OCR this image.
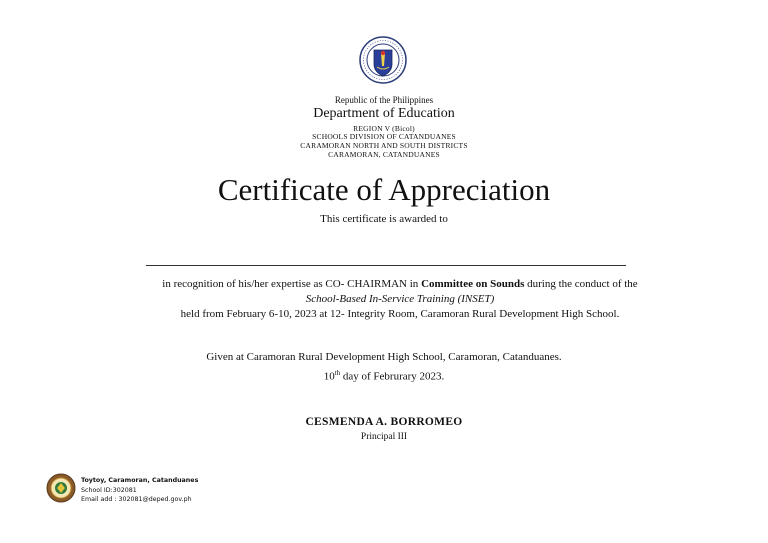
Republic of the Philippines
Department of Education
REGION V (Bicol)
SCHOOLS DIVISION OF CATANDUANES
CARAMORAN NORTH AND SOUTH DISTRICTS
CARAMORAN, CATANDUANES
Certificate of Appreciation
This certificate is awarded to
in recognition of his/her expertise as CO- CHAIRMAN in Committee on Sounds during the conduct of the School-Based In-Service Training (INSET)
held from February 6-10, 2023 at 12- Integrity Room, Caramoran Rural Development High School.
Given at Caramoran Rural Development High School, Caramoran, Catanduanes.
10th day of Februrary 2023.
CESMENDA A. BORROMEO
Principal III
Toytoy, Caramoran, Catanduanes
School ID:302081
Email add : 302081@deped.gov.ph
